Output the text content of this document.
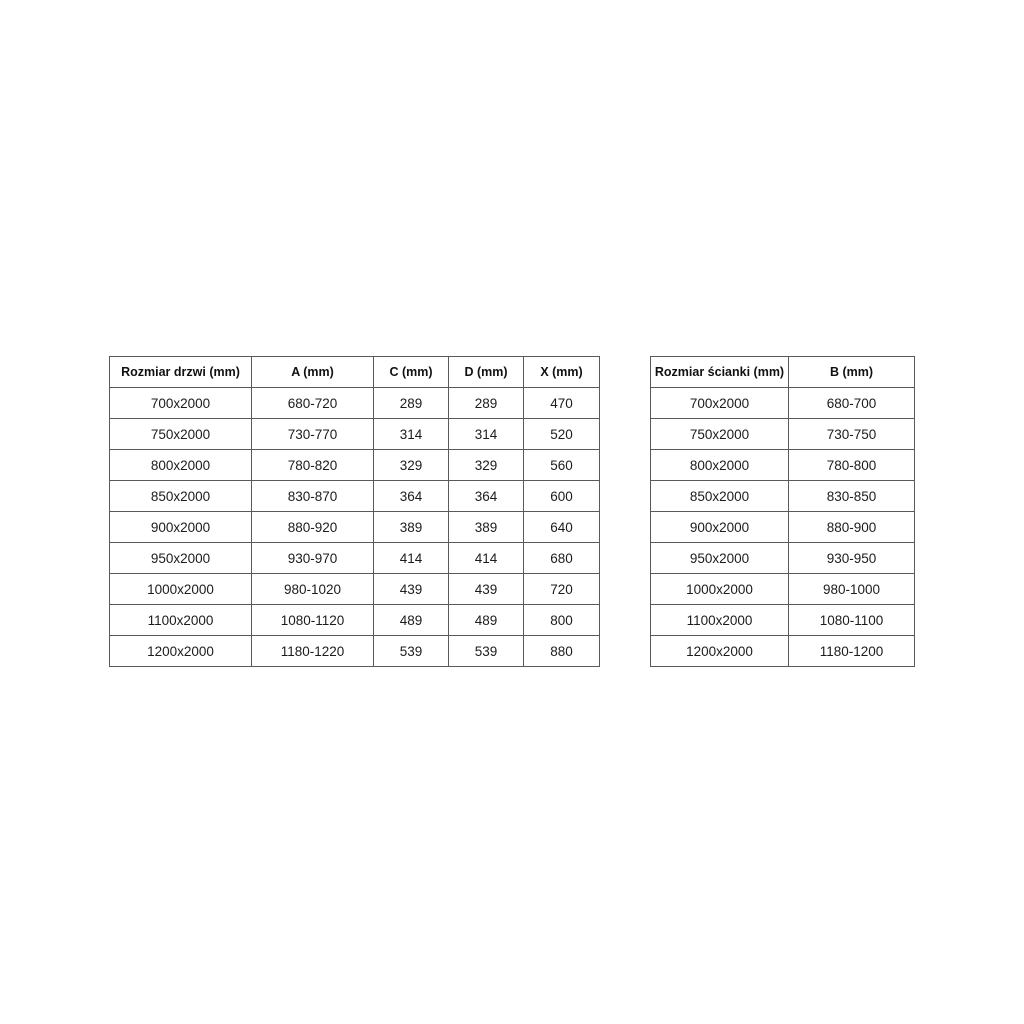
Rozmiar drzwi (mm)	A (mm)	C (mm)	D (mm)	X (mm)
700x2000	680-720	289	289	470
750x2000	730-770	314	314	520
800x2000	780-820	329	329	560
850x2000	830-870	364	364	600
900x2000	880-920	389	389	640
950x2000	930-970	414	414	680
1000x2000	980-1020	439	439	720
1100x2000	1080-1120	489	489	800
1200x2000	1180-1220	539	539	880
Rozmiar ścianki (mm)	B (mm)
700x2000	680-700
750x2000	730-750
800x2000	780-800
850x2000	830-850
900x2000	880-900
950x2000	930-950
1000x2000	980-1000
1100x2000	1080-1100
1200x2000	1180-1200
